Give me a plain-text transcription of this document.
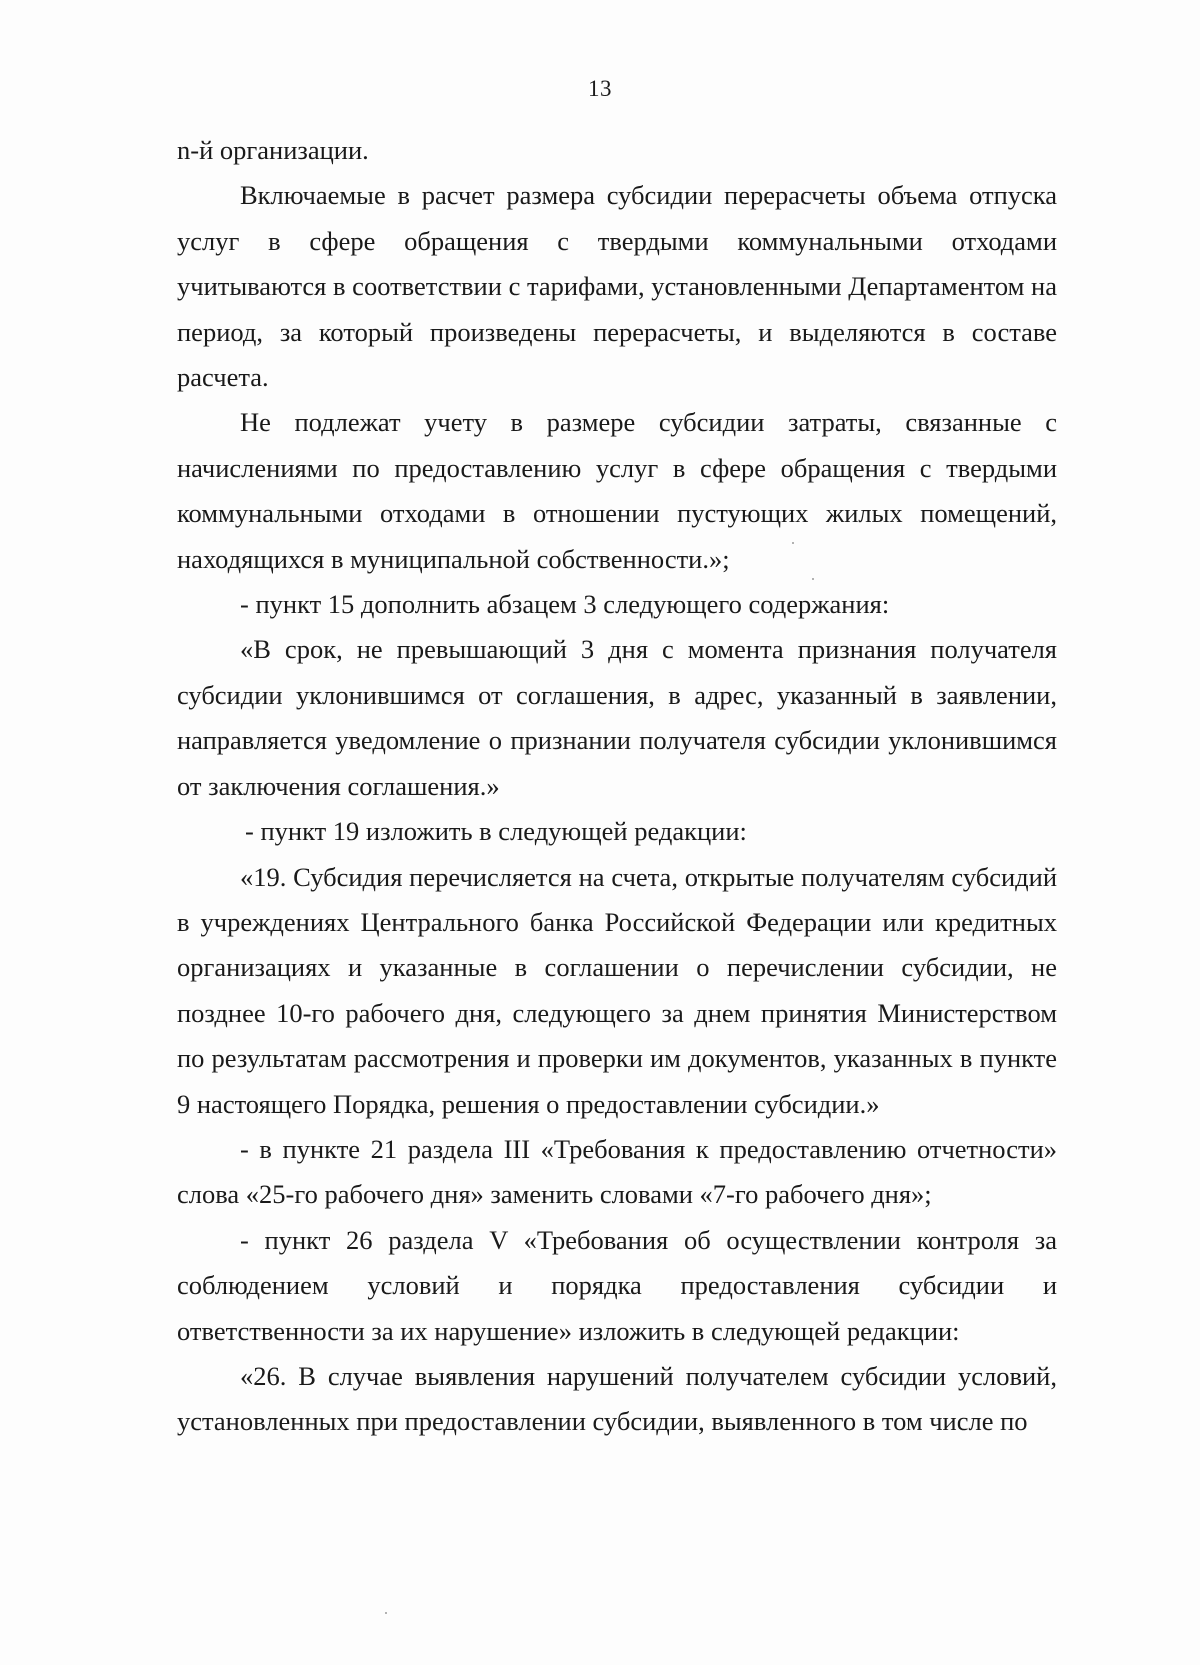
13

n-й организации.

Включаемые в расчет размера субсидии перерасчеты объема отпуска услуг в сфере обращения с твердыми коммунальными отходами учитываются в соответствии с тарифами, установленными Департаментом на период, за который произведены перерасчеты, и выделяются в составе расчета.

Не подлежат учету в размере субсидии затраты, связанные с начислениями по предоставлению услуг в сфере обращения с твердыми коммунальными отходами в отношении пустующих жилых помещений, находящихся в муниципальной собственности.»;

- пункт 15 дополнить абзацем 3 следующего содержания:

«В срок, не превышающий 3 дня с момента признания получателя субсидии уклонившимся от соглашения, в адрес, указанный в заявлении, направляется уведомление о признании получателя субсидии уклонившимся от заключения соглашения.»

- пункт 19 изложить в следующей редакции:

«19. Субсидия перечисляется на счета, открытые получателям субсидий в учреждениях Центрального банка Российской Федерации или кредитных организациях и указанные в соглашении о перечислении субсидии, не позднее 10-го рабочего дня, следующего за днем принятия Министерством по результатам рассмотрения и проверки им документов, указанных в пункте 9 настоящего Порядка, решения о предоставлении субсидии.»

- в пункте 21 раздела III «Требования к предоставлению отчетности» слова «25-го рабочего дня» заменить словами «7-го рабочего дня»;

- пункт 26 раздела V «Требования об осуществлении контроля за соблюдением условий и порядка предоставления субсидии и ответственности за их нарушение» изложить в следующей редакции:

«26. В случае выявления нарушений получателем субсидии условий, установленных при предоставлении субсидии, выявленного в том числе по
